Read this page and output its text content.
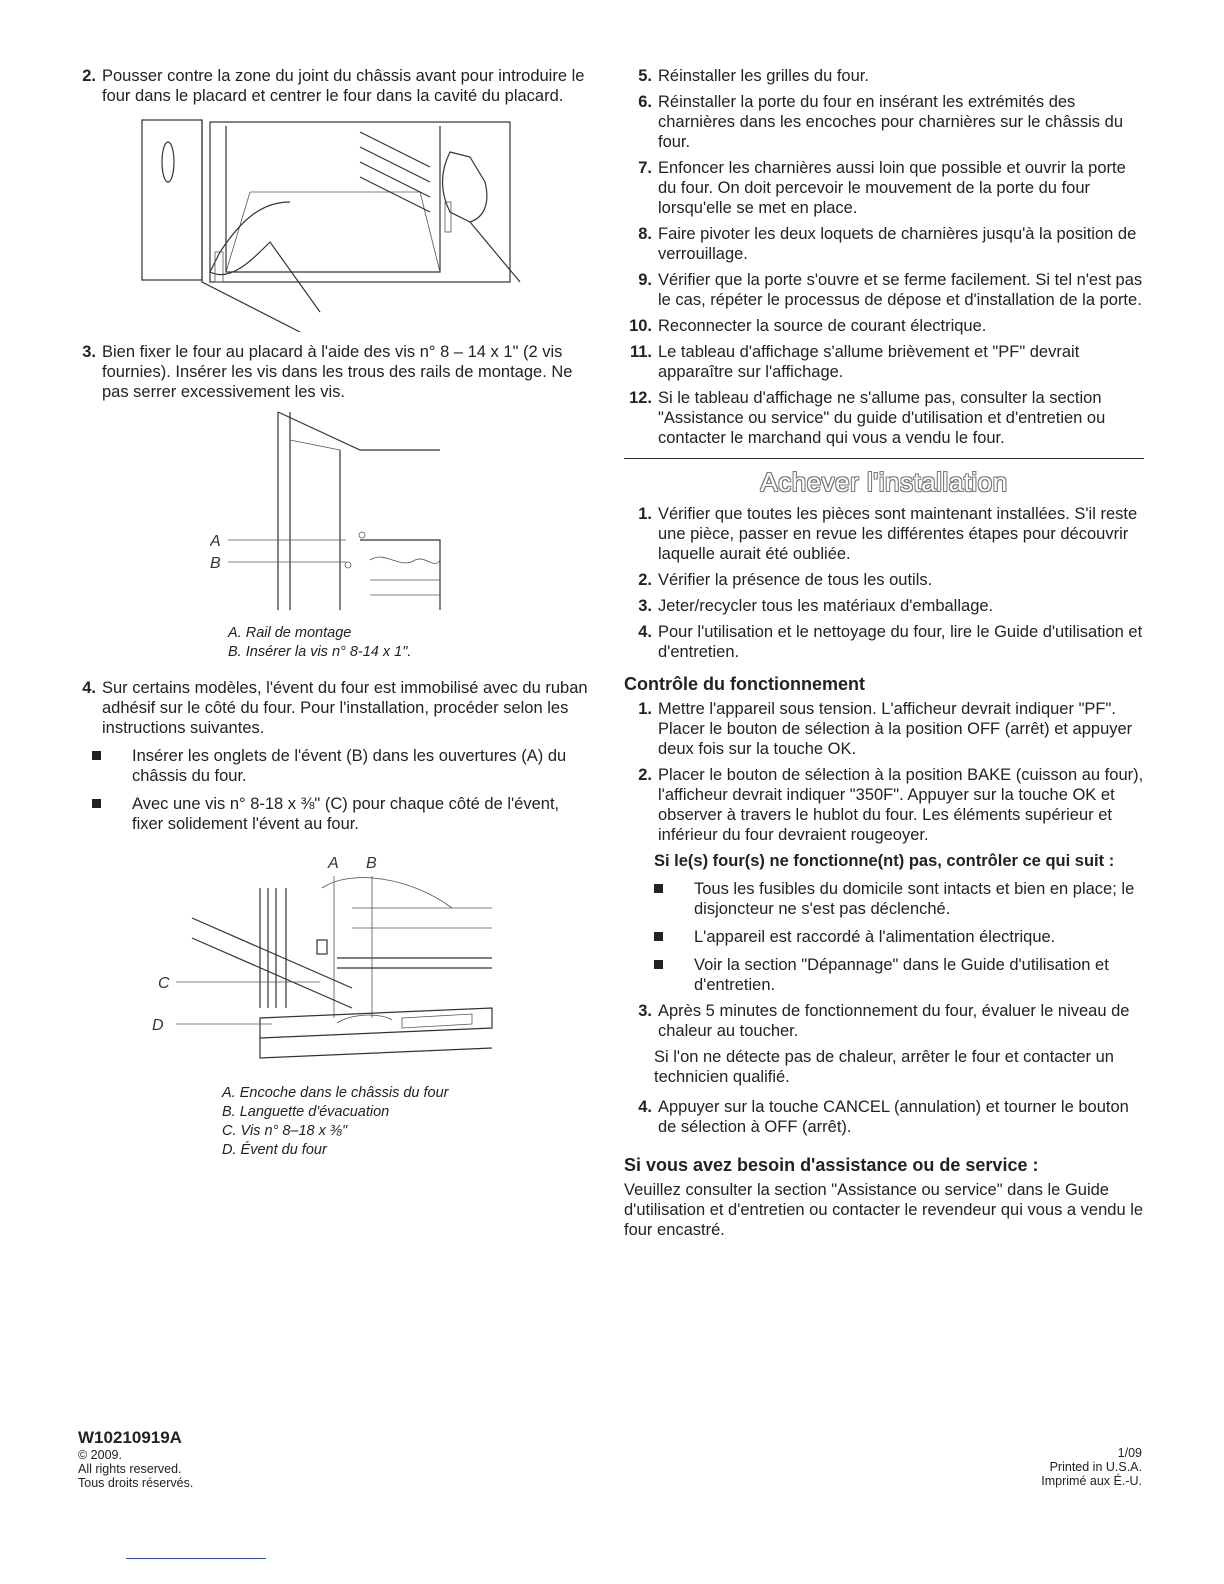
2. Pousser contre la zone du joint du châssis avant pour introduire le four dans le placard et centrer le four dans la cavité du placard.
3. Bien fixer le four au placard à l'aide des vis n° 8 – 14 x 1" (2 vis fournies). Insérer les vis dans les trous des rails de montage. Ne pas serrer excessivement les vis.
A
B
A. Rail de montage
B. Insérer la vis n° 8-14 x 1".
4. Sur certains modèles, l'évent du four est immobilisé avec du ruban adhésif sur le côté du four. Pour l'installation, procéder selon les instructions suivantes.
Insérer les onglets de l'évent (B) dans les ouvertures (A) du châssis du four.
Avec une vis n° 8-18 x ⅜" (C) pour chaque côté de l'évent, fixer solidement l'évent au four.
A B
C
D
A. Encoche dans le châssis du four
B. Languette d'évacuation
C. Vis n° 8–18 x ⅜"
D. Évent du four
5. Réinstaller les grilles du four.
6. Réinstaller la porte du four en insérant les extrémités des charnières dans les encoches pour charnières sur le châssis du four.
7. Enfoncer les charnières aussi loin que possible et ouvrir la porte du four. On doit percevoir le mouvement de la porte du four lorsqu'elle se met en place.
8. Faire pivoter les deux loquets de charnières jusqu'à la position de verrouillage.
9. Vérifier que la porte s'ouvre et se ferme facilement. Si tel n'est pas le cas, répéter le processus de dépose et d'installation de la porte.
10. Reconnecter la source de courant électrique.
11. Le tableau d'affichage s'allume brièvement et "PF" devrait apparaître sur l'affichage.
12. Si le tableau d'affichage ne s'allume pas, consulter la section "Assistance ou service" du guide d'utilisation et d'entretien ou contacter le marchand qui vous a vendu le four.
Achever l'installation
1. Vérifier que toutes les pièces sont maintenant installées. S'il reste une pièce, passer en revue les différentes étapes pour découvrir laquelle aurait été oubliée.
2. Vérifier la présence de tous les outils.
3. Jeter/recycler tous les matériaux d'emballage.
4. Pour l'utilisation et le nettoyage du four, lire le Guide d'utilisation et d'entretien.
Contrôle du fonctionnement
1. Mettre l'appareil sous tension. L'afficheur devrait indiquer "PF". Placer le bouton de sélection à la position OFF (arrêt) et appuyer deux fois sur la touche OK.
2. Placer le bouton de sélection à la position BAKE (cuisson au four), l'afficheur devrait indiquer "350F". Appuyer sur la touche OK et observer à travers le hublot du four. Les éléments supérieur et inférieur du four devraient rougeoyer.
Si le(s) four(s) ne fonctionne(nt) pas, contrôler ce qui suit :
Tous les fusibles du domicile sont intacts et bien en place; le disjoncteur ne s'est pas déclenché.
L'appareil est raccordé à l'alimentation électrique.
Voir la section "Dépannage" dans le Guide d'utilisation et d'entretien.
3. Après 5 minutes de fonctionnement du four, évaluer le niveau de chaleur au toucher.
Si l'on ne détecte pas de chaleur, arrêter le four et contacter un technicien qualifié.
4. Appuyer sur la touche CANCEL (annulation) et tourner le bouton de sélection à OFF (arrêt).
Si vous avez besoin d'assistance ou de service :
Veuillez consulter la section "Assistance ou service" dans le Guide d'utilisation et d'entretien ou contacter le revendeur qui vous a vendu le four encastré.
W10210919A
© 2009.
All rights reserved.
Tous droits réservés.
1/09
Printed in U.S.A.
Imprimé aux É.-U.
